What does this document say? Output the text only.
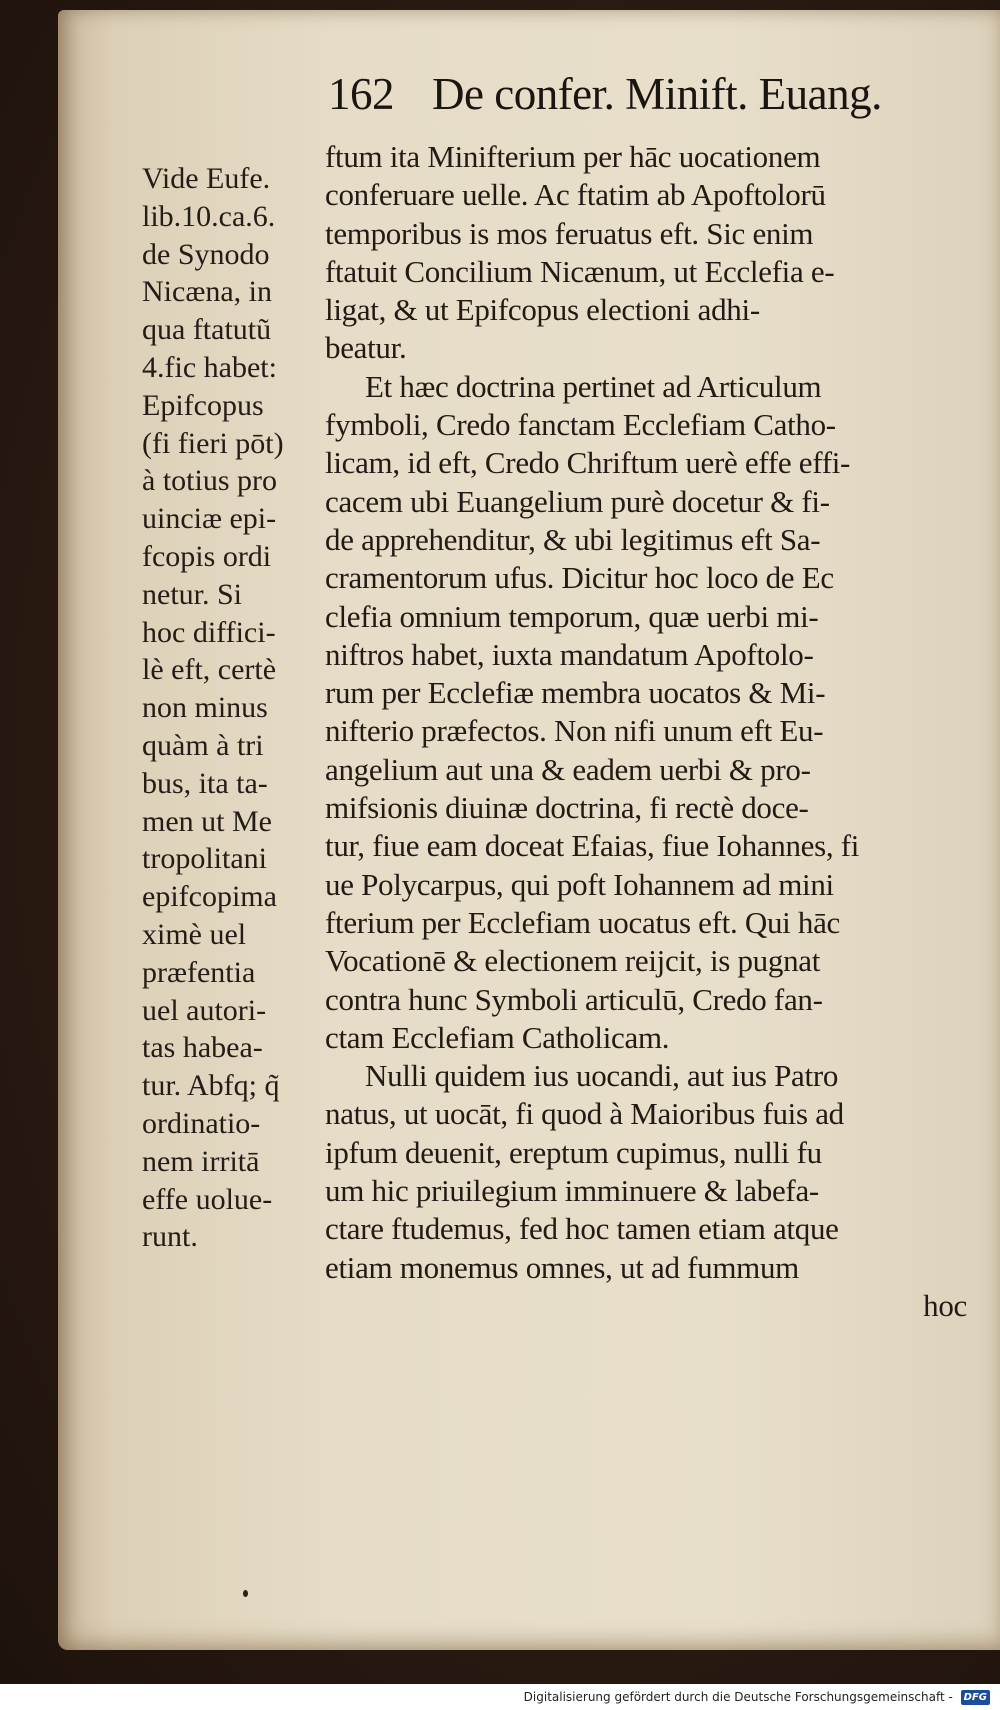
162 De confer. Minift. Euang.
Vide Eufe.
lib.10.ca.6.
de Synodo
Nicæna, in
qua ftatutũ
4.fic habet:
Epifcopus
(fi fieri pōt)
à totius pro
uinciæ epi-
fcopis ordi
netur. Si
hoc diffici-
lè eft, certè
non minus
quàm à tri
bus, ita ta-
men ut Me
tropolitani
epifcopima
ximè uel
præfentia
uel autori-
tas habea-
tur. Abfq; q̃
ordinatio-
nem irritā
effe uolue-
runt.
ftum ita Minifterium per hāc uocationem
conferuare uelle. Ac ftatim ab Apoftolorū
temporibus is mos feruatus eft. Sic enim
ftatuit Concilium Nicænum, ut Ecclefia e-
ligat, & ut Epifcopus electioni adhi-
beatur.
Et hæc doctrina pertinet ad Articulum
fymboli, Credo fanctam Ecclefiam Catho-
licam, id eft, Credo Chriftum uerè effe effi-
cacem ubi Euangelium purè docetur & fi-
de apprehenditur, & ubi legitimus eft Sa-
cramentorum ufus. Dicitur hoc loco de Ec
clefia omnium temporum, quæ uerbi mi-
niftros habet, iuxta mandatum Apoftolo-
rum per Ecclefiæ membra uocatos & Mi-
nifterio præfectos. Non nifi unum eft Eu-
angelium aut una & eadem uerbi & pro-
mifsionis diuinæ doctrina, fi rectè doce-
tur, fiue eam doceat Efaias, fiue Iohannes, fi
ue Polycarpus, qui poft Iohannem ad mini
fterium per Ecclefiam uocatus eft. Qui hāc
Vocationē & electionem reijcit, is pugnat
contra hunc Symboli articulū, Credo fan-
ctam Ecclefiam Catholicam.
Nulli quidem ius uocandi, aut ius Patro
natus, ut uocāt, fi quod à Maioribus fuis ad
ipfum deuenit, ereptum cupimus, nulli fu
um hic priuilegium imminuere & labefa-
ctare ftudemus, fed hoc tamen etiam atque
etiam monemus omnes, ut ad fummum
hoc
Digitalisierung gefördert durch die Deutsche Forschungsgemeinschaft - DFG
